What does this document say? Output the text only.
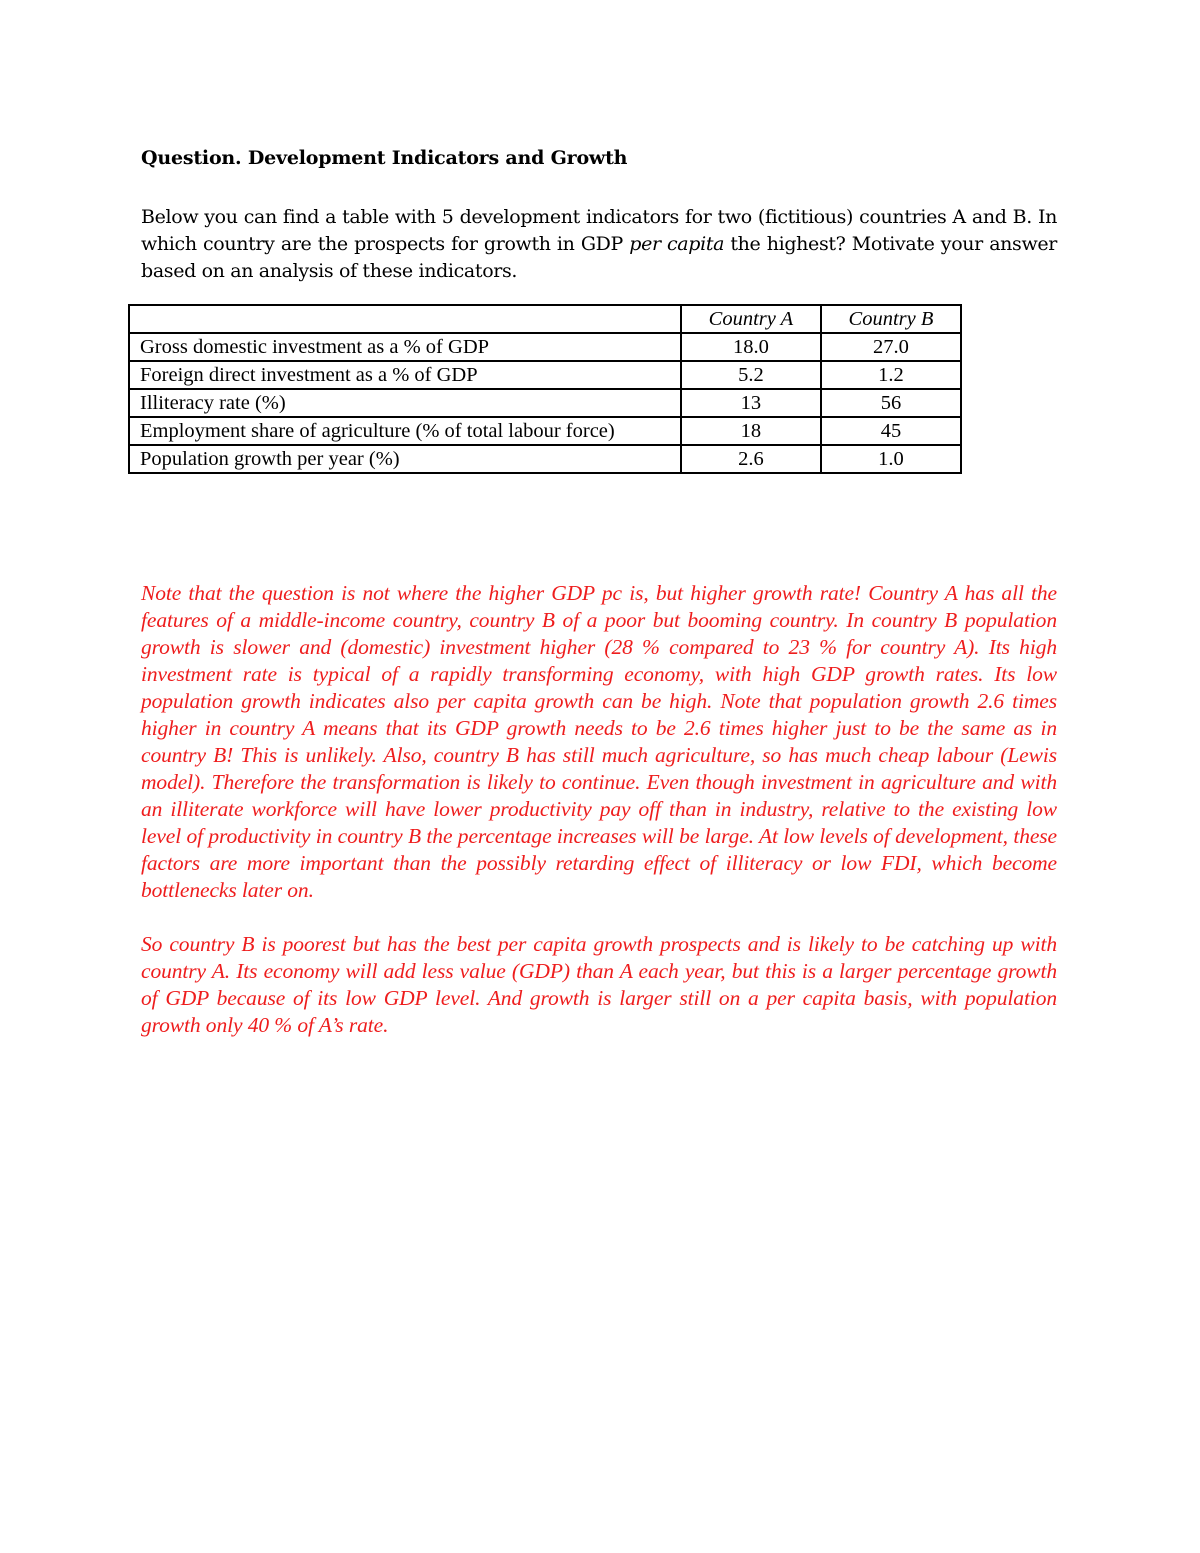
Question. Development Indicators and Growth

Below you can find a table with 5 development indicators for two (fictitious) countries A and B. In which country are the prospects for growth in GDP per capita the highest? Motivate your answer based on an analysis of these indicators.

	Country A	Country B
Gross domestic investment as a % of GDP	18.0	27.0
Foreign direct investment as a % of GDP	5.2	1.2
Illiteracy rate (%)	13	56
Employment share of agriculture (% of total labour force)	18	45
Population growth per year (%)	2.6	1.0

Note that the question is not where the higher GDP pc is, but higher growth rate! Country A has all the features of a middle-income country, country B of a poor but booming country. In country B population growth is slower and (domestic) investment higher (28 % compared to 23 % for country A). Its high investment rate is typical of a rapidly transforming economy, with high GDP growth rates. Its low population growth indicates also per capita growth can be high. Note that population growth 2.6 times higher in country A means that its GDP growth needs to be 2.6 times higher just to be the same as in country B! This is unlikely. Also, country B has still much agriculture, so has much cheap labour (Lewis model). Therefore the transformation is likely to continue. Even though investment in agriculture and with an illiterate workforce will have lower productivity pay off than in industry, relative to the existing low level of productivity in country B the percentage increases will be large. At low levels of development, these factors are more important than the possibly retarding effect of illiteracy or low FDI, which become bottlenecks later on.

So country B is poorest but has the best per capita growth prospects and is likely to be catching up with country A. Its economy will add less value (GDP) than A each year, but this is a larger percentage growth of GDP because of its low GDP level. And growth is larger still on a per capita basis, with population growth only 40 % of A’s rate.
